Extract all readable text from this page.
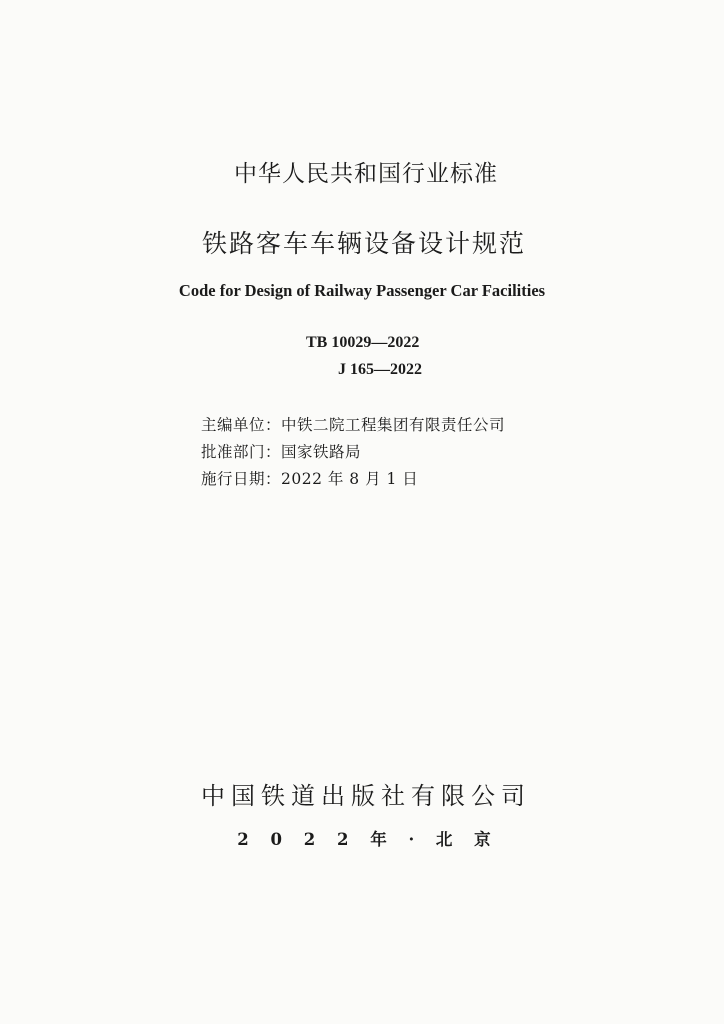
中华人民共和国行业标准
铁路客车车辆设备设计规范
Code for Design of Railway Passenger Car Facilities
TB 10029—2022
J 165—2022
主编单位：中铁二院工程集团有限责任公司
批准部门：国家铁路局
施行日期：2022 年 8 月 1 日
中国铁道出版社有限公司
2 0 2 2 年 · 北 京
